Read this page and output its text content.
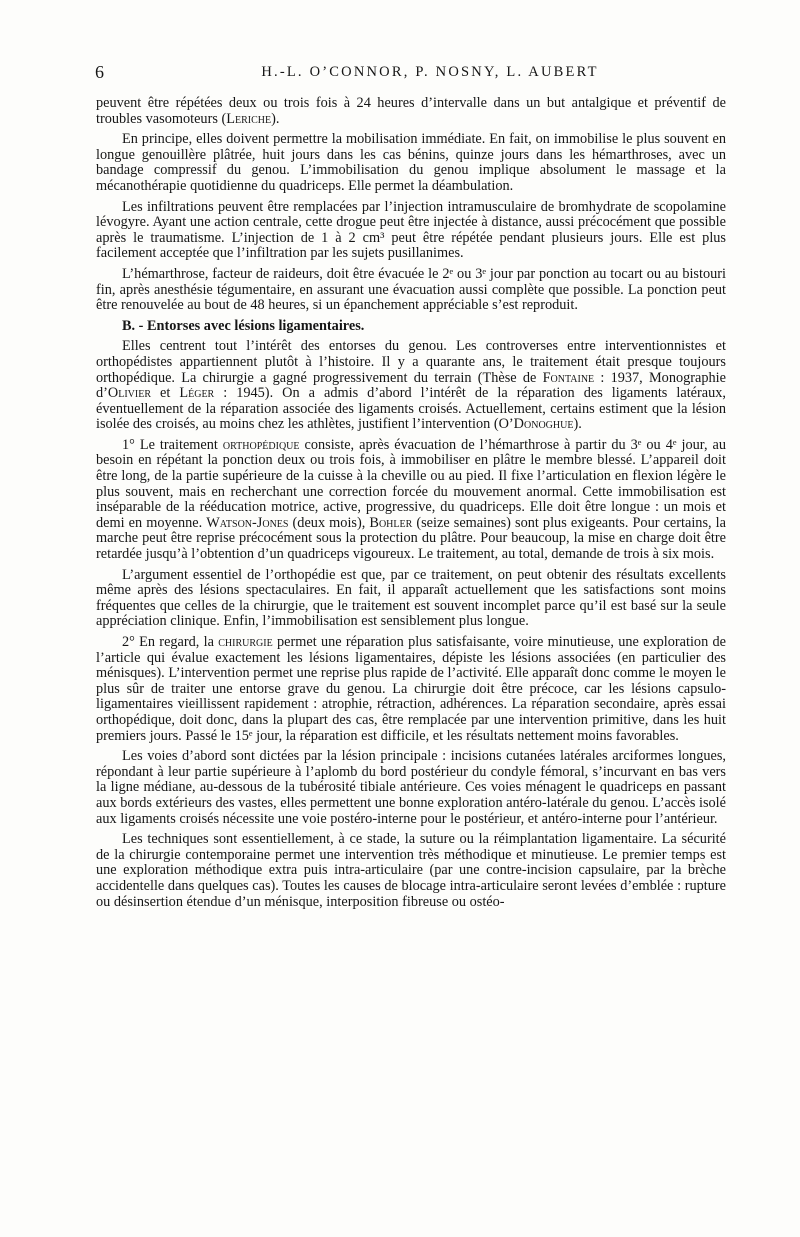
6	H.-L. O’CONNOR, P. NOSNY, L. AUBERT

peuvent être répétées deux ou trois fois à 24 heures d’intervalle dans un but antalgique et préventif de troubles vasomoteurs (Leriche).

En principe, elles doivent permettre la mobilisation immédiate. En fait, on immobilise le plus souvent en longue genouillère plâtrée, huit jours dans les cas bénins, quinze jours dans les hémarthroses, avec un bandage compressif du genou. L’immobilisation du genou implique absolument le massage et la mécanothérapie quotidienne du quadriceps. Elle permet la déambulation.

Les infiltrations peuvent être remplacées par l’injection intramusculaire de bromhydrate de scopolamine lévogyre. Ayant une action centrale, cette drogue peut être injectée à distance, aussi précocément que possible après le traumatisme. L’injection de 1 à 2 cm³ peut être répétée pendant plusieurs jours. Elle est plus facilement acceptée que l’infiltration par les sujets pusillanimes.

L’hémarthrose, facteur de raideurs, doit être évacuée le 2ᵉ ou 3ᵉ jour par ponction au tocart ou au bistouri fin, après anesthésie tégumentaire, en assurant une évacuation aussi complète que possible. La ponction peut être renouvelée au bout de 48 heures, si un épanchement appréciable s’est reproduit.

B. - Entorses avec lésions ligamentaires.

Elles centrent tout l’intérêt des entorses du genou. Les controverses entre interventionnistes et orthopédistes appartiennent plutôt à l’histoire. Il y a quarante ans, le traitement était presque toujours orthopédique. La chirurgie a gagné progressivement du terrain (Thèse de Fontaine : 1937, Monographie d’Olivier et Léger : 1945). On a admis d’abord l’intérêt de la réparation des ligaments latéraux, éventuellement de la réparation associée des ligaments croisés. Actuellement, certains estiment que la lésion isolée des croisés, au moins chez les athlètes, justifient l’intervention (O’Donoghue).

1° Le traitement orthopédique consiste, après évacuation de l’hémarthrose à partir du 3ᵉ ou 4ᵉ jour, au besoin en répétant la ponction deux ou trois fois, à immobiliser en plâtre le membre blessé. L’appareil doit être long, de la partie supérieure de la cuisse à la cheville ou au pied. Il fixe l’articulation en flexion légère le plus souvent, mais en recherchant une correction forcée du mouvement anormal. Cette immobilisation est inséparable de la rééducation motrice, active, progressive, du quadriceps. Elle doit être longue : un mois et demi en moyenne. Watson-Jones (deux mois), Bohler (seize semaines) sont plus exigeants. Pour certains, la marche peut être reprise précocément sous la protection du plâtre. Pour beaucoup, la mise en charge doit être retardée jusqu’à l’obtention d’un quadriceps vigoureux. Le traitement, au total, demande de trois à six mois.

L’argument essentiel de l’orthopédie est que, par ce traitement, on peut obtenir des résultats excellents même après des lésions spectaculaires. En fait, il apparaît actuellement que les satisfactions sont moins fréquentes que celles de la chirurgie, que le traitement est souvent incomplet parce qu’il est basé sur la seule appréciation clinique. Enfin, l’immobilisation est sensiblement plus longue.

2° En regard, la chirurgie permet une réparation plus satisfaisante, voire minutieuse, une exploration de l’article qui évalue exactement les lésions ligamentaires, dépiste les lésions associées (en particulier des ménisques). L’intervention permet une reprise plus rapide de l’activité. Elle apparaît donc comme le moyen le plus sûr de traiter une entorse grave du genou. La chirurgie doit être précoce, car les lésions capsulo-ligamentaires vieillissent rapidement : atrophie, rétraction, adhérences. La réparation secondaire, après essai orthopédique, doit donc, dans la plupart des cas, être remplacée par une intervention primitive, dans les huit premiers jours. Passé le 15ᵉ jour, la réparation est difficile, et les résultats nettement moins favorables.

Les voies d’abord sont dictées par la lésion principale : incisions cutanées latérales arciformes longues, répondant à leur partie supérieure à l’aplomb du bord postérieur du condyle fémoral, s’incurvant en bas vers la ligne médiane, au-dessous de la tubérosité tibiale antérieure. Ces voies ménagent le quadriceps en passant aux bords extérieurs des vastes, elles permettent une bonne exploration antéro-latérale du genou. L’accès isolé aux ligaments croisés nécessite une voie postéro-interne pour le postérieur, et antéro-interne pour l’antérieur.

Les techniques sont essentiellement, à ce stade, la suture ou la réimplantation ligamentaire. La sécurité de la chirurgie contemporaine permet une intervention très méthodique et minutieuse. Le premier temps est une exploration méthodique extra puis intra-articulaire (par une contre-incision capsulaire, par la brèche accidentelle dans quelques cas). Toutes les causes de blocage intra-articulaire seront levées d’emblée : rupture ou désinsertion étendue d’un ménisque, interposition fibreuse ou ostéo-
